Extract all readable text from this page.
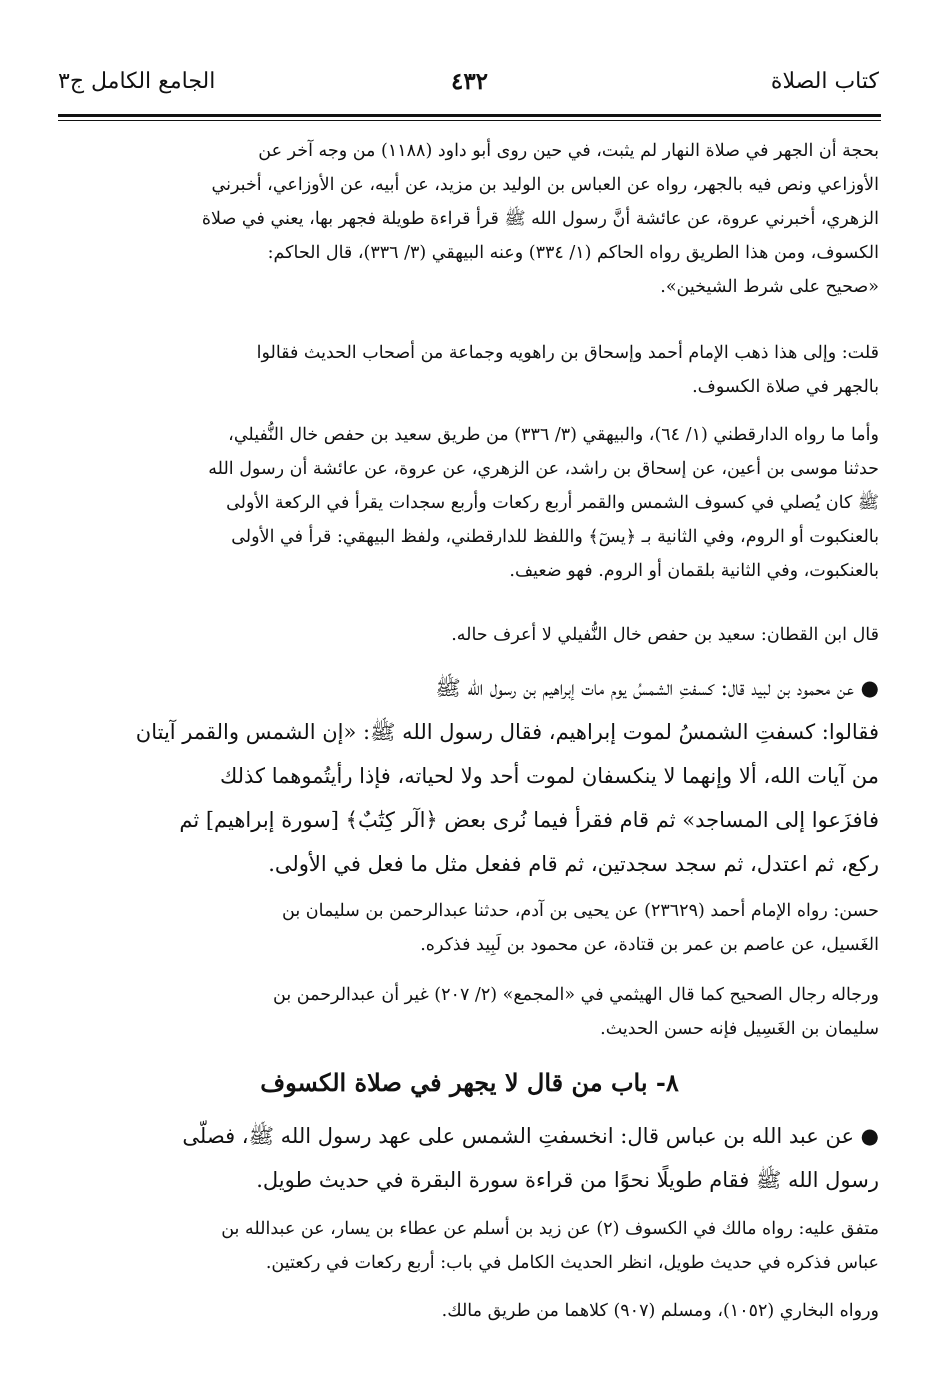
كتاب الصلاة
٤٣٢
الجامع الكامل ج٣
بحجة أن الجهر في صلاة النهار لم يثبت، في حين روى أبو داود (١١٨٨) من وجه آخر عن
الأوزاعي ونص فيه بالجهر، رواه عن العباس بن الوليد بن مزيد، عن أبيه، عن الأوزاعي، أخبرني
الزهري، أخبرني عروة، عن عائشة أنَّ رسول الله ﷺ قرأ قراءة طويلة فجهر بها، يعني في صلاة
الكسوف، ومن هذا الطريق رواه الحاكم (١/ ٣٣٤) وعنه البيهقي (٣/ ٣٣٦)، قال الحاكم:
«صحيح على شرط الشيخين».
قلت: وإلى هذا ذهب الإمام أحمد وإسحاق بن راهويه وجماعة من أصحاب الحديث فقالوا
بالجهر في صلاة الكسوف.
وأما ما رواه الدارقطني (١/ ٦٤)، والبيهقي (٣/ ٣٣٦) من طريق سعيد بن حفص خال النُّفيلي،
حدثنا موسى بن أعين، عن إسحاق بن راشد، عن الزهري، عن عروة، عن عائشة أن رسول الله
ﷺ كان يُصلي في كسوف الشمس والقمر أربع ركعات وأربع سجدات يقرأ في الركعة الأولى
بالعنكبوت أو الروم، وفي الثانية بـ ﴿يسٓ﴾ واللفظ للدارقطني، ولفظ البيهقي: قرأ في الأولى
بالعنكبوت، وفي الثانية بلقمان أو الروم. فهو ضعيف.
قال ابن القطان: سعيد بن حفص خال النُّفيلي لا أعرف حاله.
● عن محمود بن لبيد قال: كسفتِ الشمسُ يوم مات إبراهيم بن رسول الله ﷺ
فقالوا: كسفتِ الشمسُ لموت إبراهيم، فقال رسول الله ﷺ: «إن الشمس والقمر آيتان
من آيات الله، ألا وإنهما لا ينكسفان لموت أحد ولا لحياته، فإذا رأيتُموهما كذلك
فافزَعوا إلى المساجد» ثم قام فقرأ فيما نُرى بعض ﴿الٓر كِتَٰبٌ﴾ [سورة إبراهيم] ثم
ركع، ثم اعتدل، ثم سجد سجدتين، ثم قام ففعل مثل ما فعل في الأولى.
حسن: رواه الإمام أحمد (٢٣٦٢٩) عن يحيى بن آدم، حدثنا عبدالرحمن بن سليمان بن
الغَسيل، عن عاصم بن عمر بن قتادة، عن محمود بن لَبِيد فذكره.
ورجاله رجال الصحيح كما قال الهيثمي في «المجمع» (٢/ ٢٠٧) غير أن عبدالرحمن بن
سليمان بن الغَسِيل فإنه حسن الحديث.
٨- باب من قال لا يجهر في صلاة الكسوف
● عن عبد الله بن عباس قال: انخسفتِ الشمس على عهد رسول الله ﷺ، فصلّى
رسول الله ﷺ فقام طويلًا نحوًا من قراءة سورة البقرة في حديث طويل.
متفق عليه: رواه مالك في الكسوف (٢) عن زيد بن أسلم عن عطاء بن يسار، عن عبدالله بن
عباس فذكره في حديث طويل، انظر الحديث الكامل في باب: أربع ركعات في ركعتين.
ورواه البخاري (١٠٥٢)، ومسلم (٩٠٧) كلاهما من طريق مالك.
